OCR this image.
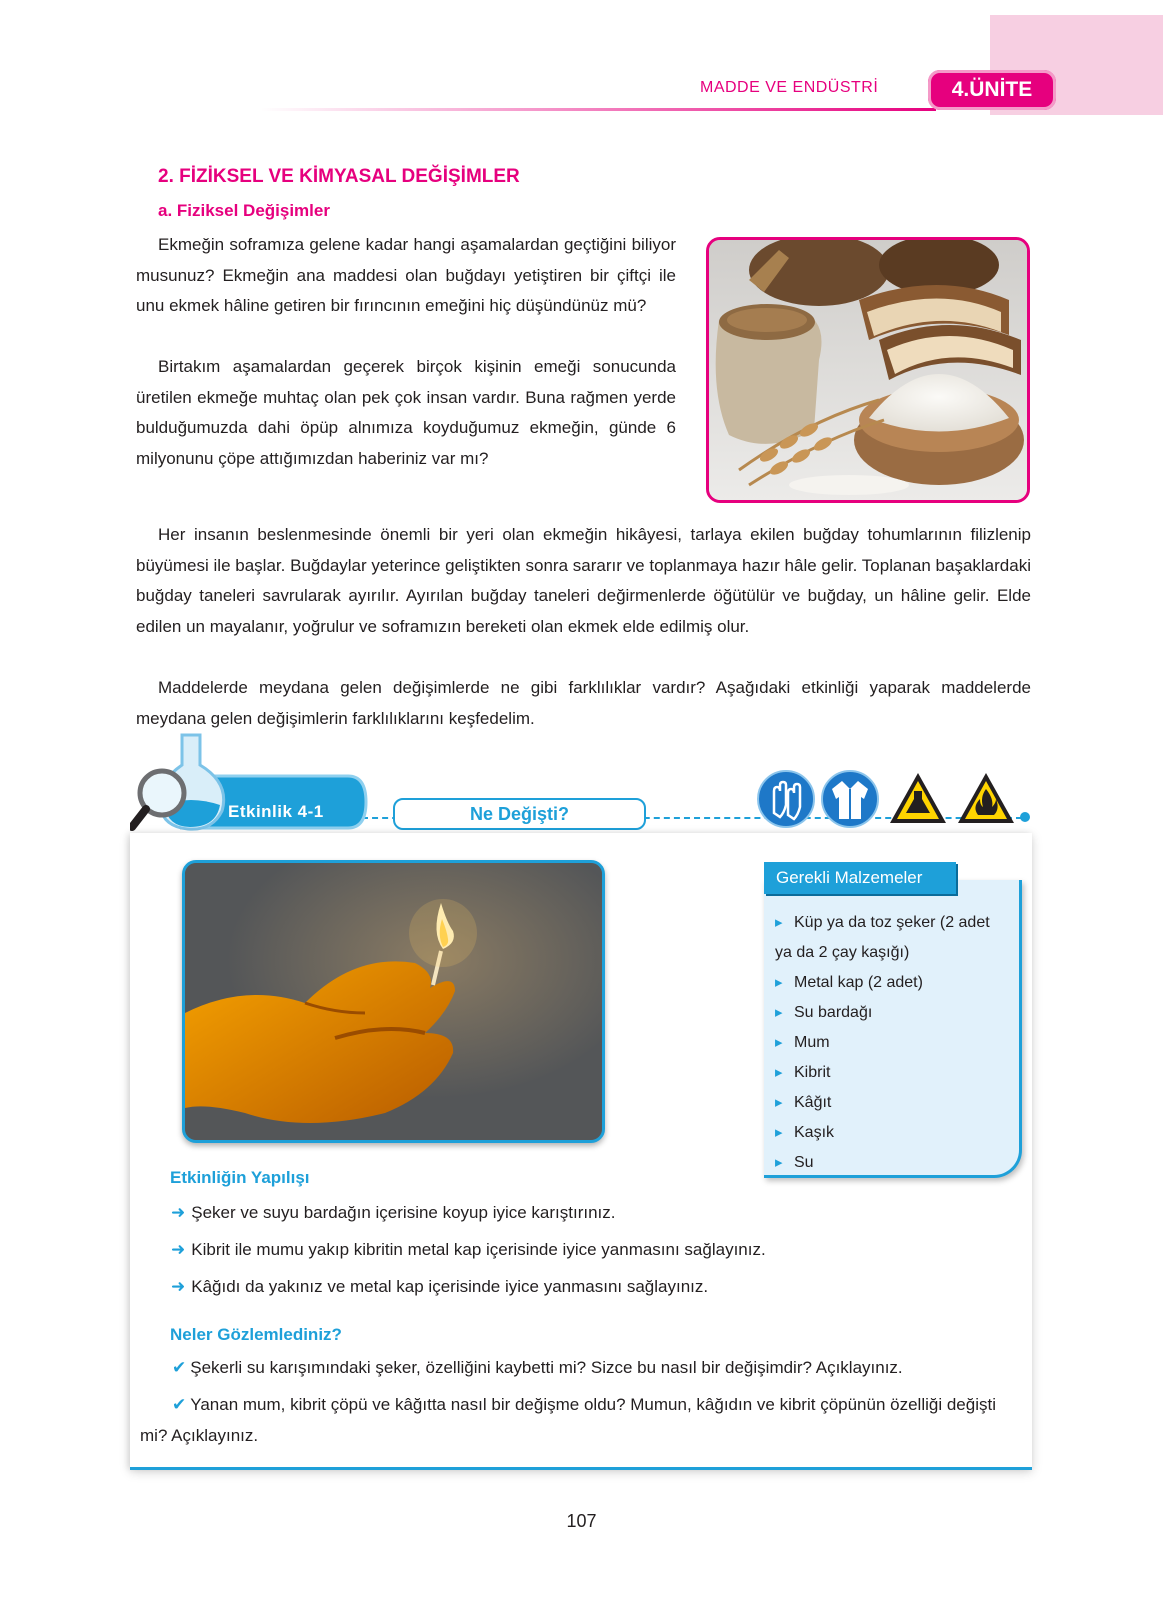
MADDE VE ENDÜSTRİ	4.ÜNİTE
2. FİZİKSEL VE KİMYASAL DEĞİŞİMLER
a. Fiziksel Değişimler

Ekmeğin soframıza gelene kadar hangi aşamalardan geçtiğini biliyor musunuz? Ekmeğin ana maddesi olan buğdayı yetiştiren bir çiftçi ile unu ekmek hâline getiren bir fırıncının emeğini hiç düşündünüz mü?

Birtakım aşamalardan geçerek birçok kişinin emeği sonucunda üretilen ekmeğe muhtaç olan pek çok insan vardır. Buna rağmen yerde bulduğumuzda dahi öpüp alnımıza koyduğumuz ekmeğin, günde 6 milyonunu çöpe attığımızdan haberiniz var mı?

Her insanın beslenmesinde önemli bir yeri olan ekmeğin hikâyesi, tarlaya ekilen buğday tohumlarının filizlenip büyümesi ile başlar. Buğdaylar yeterince geliştikten sonra sararır ve toplanmaya hazır hâle gelir. Toplanan başaklardaki buğday taneleri savrularak ayırılır. Ayırılan buğday taneleri değirmenlerde öğütülür ve buğday, un hâline gelir. Elde edilen un mayalanır, yoğrulur ve soframızın bereketi olan ekmek elde edilmiş olur.

Maddelerde meydana gelen değişimlerde ne gibi farklılıklar vardır? Aşağıdaki etkinliği yaparak maddelerde meydana gelen değişimlerin farklılıklarını keşfedelim.

Etkinlik 4-1	Ne Değişti?
Gerekli Malzemeler
▸ Küp ya da toz şeker (2 adet
ya da 2 çay kaşığı)
▸ Metal kap (2 adet)
▸ Su bardağı
▸ Mum
▸ Kibrit
▸ Kâğıt
▸ Kaşık
▸ Su
Etkinliğin Yapılışı
➜ Şeker ve suyu bardağın içerisine koyup iyice karıştırınız.
➜ Kibrit ile mumu yakıp kibritin metal kap içerisinde iyice yanmasını sağlayınız.
➜ Kâğıdı da yakınız ve metal kap içerisinde iyice yanmasını sağlayınız.
Neler Gözlemlediniz?
✔ Şekerli su karışımındaki şeker, özelliğini kaybetti mi? Sizce bu nasıl bir değişimdir? Açıklayınız.
✔ Yanan mum, kibrit çöpü ve kâğıtta nasıl bir değişme oldu? Mumun, kâğıdın ve kibrit çöpünün özelliği değişti mi? Açıklayınız.
107
